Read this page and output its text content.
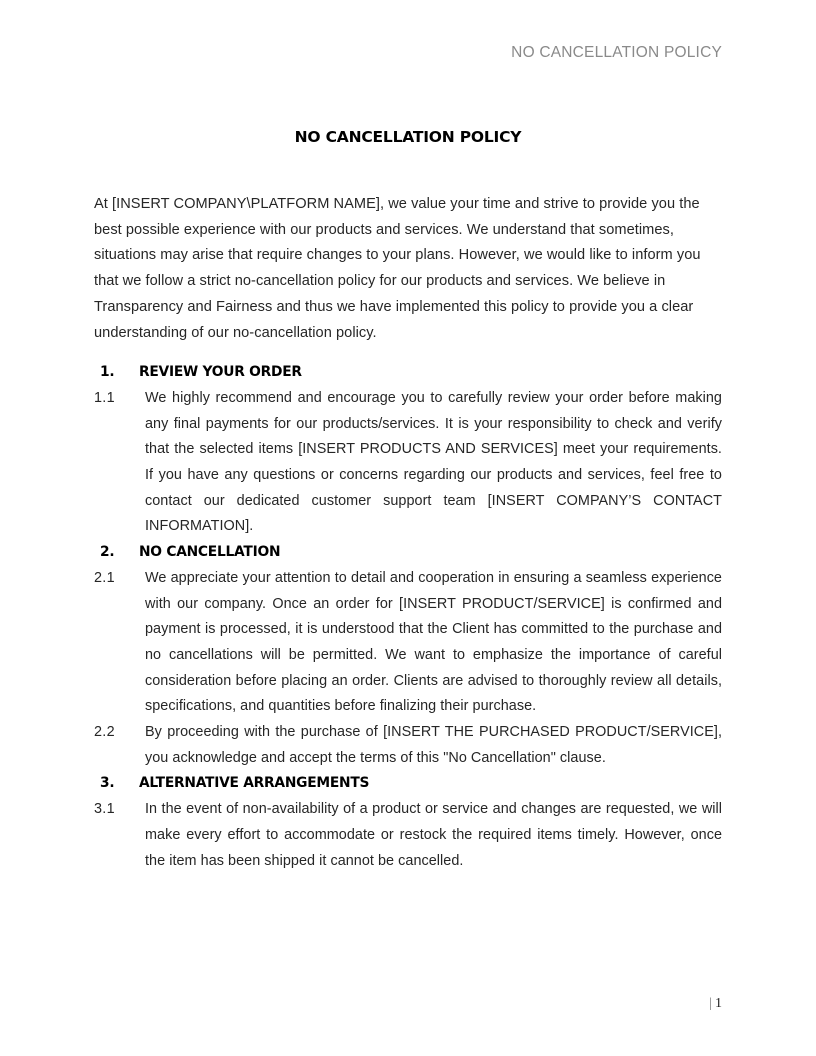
NO CANCELLATION POLICY
NO CANCELLATION POLICY

At [INSERT COMPANY\PLATFORM NAME], we value your time and strive to provide you the best possible experience with our products and services. We understand that sometimes, situations may arise that require changes to your plans. However, we would like to inform you that we follow a strict no-cancellation policy for our products and services. We believe in Transparency and Fairness and thus we have implemented this policy to provide you a clear understanding of our no-cancellation policy.

1.	REVIEW YOUR ORDER
1.1	We highly recommend and encourage you to carefully review your order before making any final payments for our products/services. It is your responsibility to check and verify that the selected items [INSERT PRODUCTS AND SERVICES] meet your requirements. If you have any questions or concerns regarding our products and services, feel free to contact our dedicated customer support team [INSERT COMPANY’S CONTACT INFORMATION].
2.	NO CANCELLATION
2.1	We appreciate your attention to detail and cooperation in ensuring a seamless experience with our company. Once an order for [INSERT PRODUCT/SERVICE] is confirmed and payment is processed, it is understood that the Client has committed to the purchase and no cancellations will be permitted. We want to emphasize the importance of careful consideration before placing an order. Clients are advised to thoroughly review all details, specifications, and quantities before finalizing their purchase.
2.2	By proceeding with the purchase of [INSERT THE PURCHASED PRODUCT/SERVICE], you acknowledge and accept the terms of this "No Cancellation" clause.
3.	ALTERNATIVE ARRANGEMENTS
3.1	In the event of non-availability of a product or service and changes are requested, we will make every effort to accommodate or restock the required items timely. However, once the item has been shipped it cannot be cancelled.
| 1
